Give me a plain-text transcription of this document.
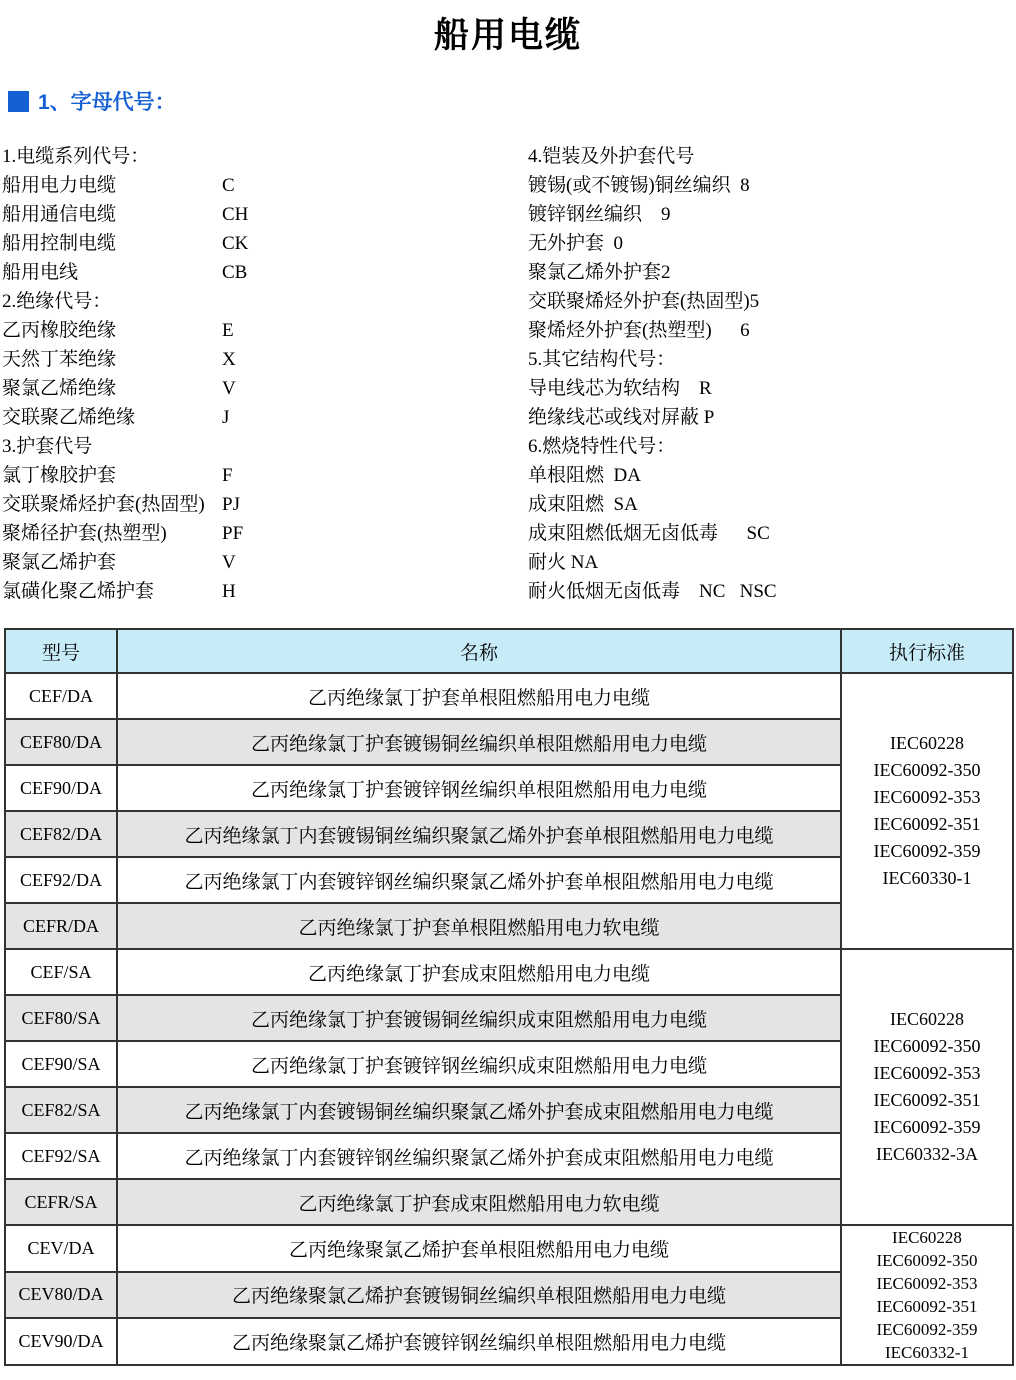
船用电缆
1、字母代号：
1.电缆系列代号：
船用电力电缆	C
船用通信电缆	CH
船用控制电缆	CK
船用电线	CB
2.绝缘代号：
乙丙橡胶绝缘	E
天然丁苯绝缘	X
聚氯乙烯绝缘	V
交联聚乙烯绝缘	J
3.护套代号
氯丁橡胶护套	F
交联聚烯烃护套(热固型) PJ
聚烯径护套(热塑型)	PF
聚氯乙烯护套	V
氯磺化聚乙烯护套	H
4.铠装及外护套代号
镀锡(或不镀锡)铜丝编织  8
镀锌钢丝编织    9
无外护套  0
聚氯乙烯外护套2
交联聚烯烃外护套(热固型)5
聚烯烃外护套(热塑型)      6
5.其它结构代号：
导电线芯为软结构    R
绝缘线芯或线对屏蔽 P
6.燃烧特性代号：
单根阻燃  DA
成束阻燃  SA
成束阻燃低烟无卤低毒      SC
耐火 NA
耐火低烟无卤低毒    NC   NSC
型号	名称	执行标准
CEF/DA	乙丙绝缘氯丁护套单根阻燃船用电力电缆	
IEC60228
IEC60092-350
IEC60092-353
IEC60092-351
IEC60092-359
IEC60330-1

CEF80/DA	乙丙绝缘氯丁护套镀锡铜丝编织单根阻燃船用电力电缆	
CEF90/DA	乙丙绝缘氯丁护套镀锌钢丝编织单根阻燃船用电力电缆	
CEF82/DA	乙丙绝缘氯丁内套镀锡铜丝编织聚氯乙烯外护套单根阻燃船用电力电缆	
CEF92/DA	乙丙绝缘氯丁内套镀锌钢丝编织聚氯乙烯外护套单根阻燃船用电力电缆	
CEFR/DA	乙丙绝缘氯丁护套单根阻燃船用电力软电缆	
CEF/SA	乙丙绝缘氯丁护套成束阻燃船用电力电缆	
IEC60228
IEC60092-350
IEC60092-353
IEC60092-351
IEC60092-359
IEC60332-3A

CEF80/SA	乙丙绝缘氯丁护套镀锡铜丝编织成束阻燃船用电力电缆	
CEF90/SA	乙丙绝缘氯丁护套镀锌钢丝编织成束阻燃船用电力电缆	
CEF82/SA	乙丙绝缘氯丁内套镀锡铜丝编织聚氯乙烯外护套成束阻燃船用电力电缆	
CEF92/SA	乙丙绝缘氯丁内套镀锌钢丝编织聚氯乙烯外护套成束阻燃船用电力电缆	
CEFR/SA	乙丙绝缘氯丁护套成束阻燃船用电力软电缆	
CEV/DA	乙丙绝缘聚氯乙烯护套单根阻燃船用电力电缆	
IEC60228
IEC60092-350
IEC60092-353
IEC60092-351
IEC60092-359
IEC60332-1

CEV80/DA	乙丙绝缘聚氯乙烯护套镀锡铜丝编织单根阻燃船用电力电缆	
CEV90/DA	乙丙绝缘聚氯乙烯护套镀锌钢丝编织单根阻燃船用电力电缆	
